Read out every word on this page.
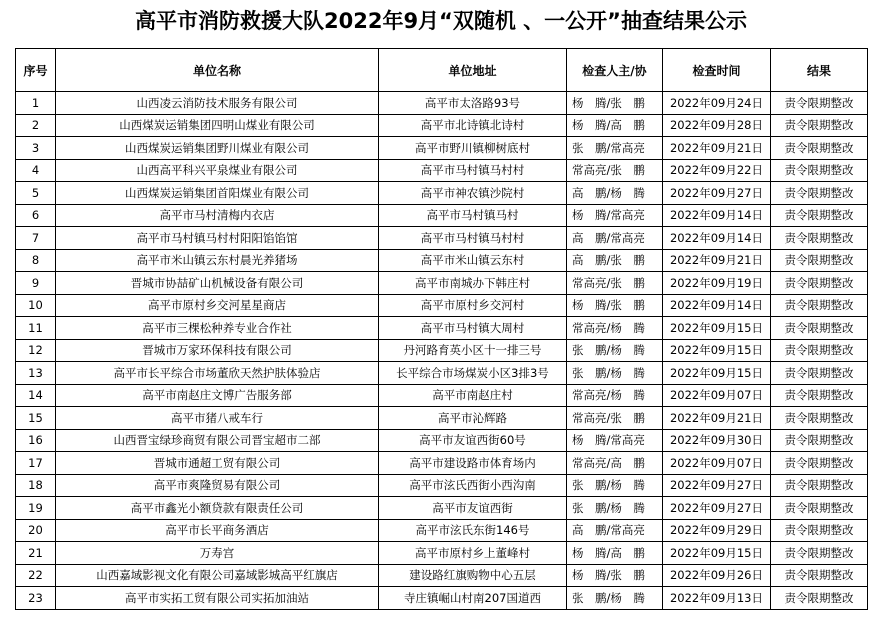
高平市消防救援大队2022年9月“双随机 、一公开”抽查结果公示
序号	单位名称	单位地址	检查人主/协	检查时间	结果
1	山西凌云消防技术服务有限公司	高平市太洛路93号	杨　腾/张　鹏	2022年09月24日	责令限期整改
2	山西煤炭运销集团四明山煤业有限公司	高平市北诗镇北诗村	杨　腾/高　鹏	2022年09月28日	责令限期整改
3	山西煤炭运销集团野川煤业有限公司	高平市野川镇柳树底村	张　鹏/常高亮	2022年09月21日	责令限期整改
4	山西高平科兴平泉煤业有限公司	高平市马村镇马村村	常高亮/张　鹏	2022年09月22日	责令限期整改
5	山西煤炭运销集团首阳煤业有限公司	高平市神农镇沙院村	高　鹏/杨　腾	2022年09月27日	责令限期整改
6	高平市马村清梅内衣店	高平市马村镇马村	杨　腾/常高亮	2022年09月14日	责令限期整改
7	高平市马村镇马村村阳阳馅馅馆	高平市马村镇马村村	高　鹏/常高亮	2022年09月14日	责令限期整改
8	高平市米山镇云东村晨光养猪场	高平市米山镇云东村	高　鹏/张　鹏	2022年09月21日	责令限期整改
9	晋城市协喆矿山机械设备有限公司	高平市南城办下韩庄村	常高亮/张　鹏	2022年09月19日	责令限期整改
10	高平市原村乡交河星星商店	高平市原村乡交河村	杨　腾/张　鹏	2022年09月14日	责令限期整改
11	高平市三棵松种养专业合作社	高平市马村镇大周村	常高亮/杨　腾	2022年09月15日	责令限期整改
12	晋城市万家环保科技有限公司	丹河路育英小区十一排三号	张　鹏/杨　腾	2022年09月15日	责令限期整改
13	高平市长平综合市场董欣天然护肤体验店	长平综合市场煤炭小区3排3号	张　鹏/杨　腾	2022年09月15日	责令限期整改
14	高平市南赵庄文博广告服务部	高平市南赵庄村	常高亮/杨　腾	2022年09月07日	责令限期整改
15	高平市猪八戒车行	高平市沁辉路	常高亮/张　鹏	2022年09月21日	责令限期整改
16	山西晋宝绿珍商贸有限公司晋宝超市二部	高平市友谊西街60号	杨　腾/常高亮	2022年09月30日	责令限期整改
17	晋城市通超工贸有限公司	高平市建设路市体育场内	常高亮/高　鹏	2022年09月07日	责令限期整改
18	高平市爽隆贸易有限公司	高平市泫氏西街小西沟南	张　鹏/杨　腾	2022年09月27日	责令限期整改
19	高平市鑫光小额贷款有限责任公司	高平市友谊西街	张　鹏/杨　腾	2022年09月27日	责令限期整改
20	高平市长平商务酒店	高平市泫氏东街146号	高　鹏/常高亮	2022年09月29日	责令限期整改
21	万寿宫	高平市原村乡上董峰村	杨　腾/高　鹏	2022年09月15日	责令限期整改
22	山西嘉域影视文化有限公司嘉域影城高平红旗店	建设路红旗购物中心五层	杨　腾/张　鹏	2022年09月26日	责令限期整改
23	高平市实拓工贸有限公司实拓加油站	寺庄镇崛山村南207国道西	张　鹏/杨　腾	2022年09月13日	责令限期整改
